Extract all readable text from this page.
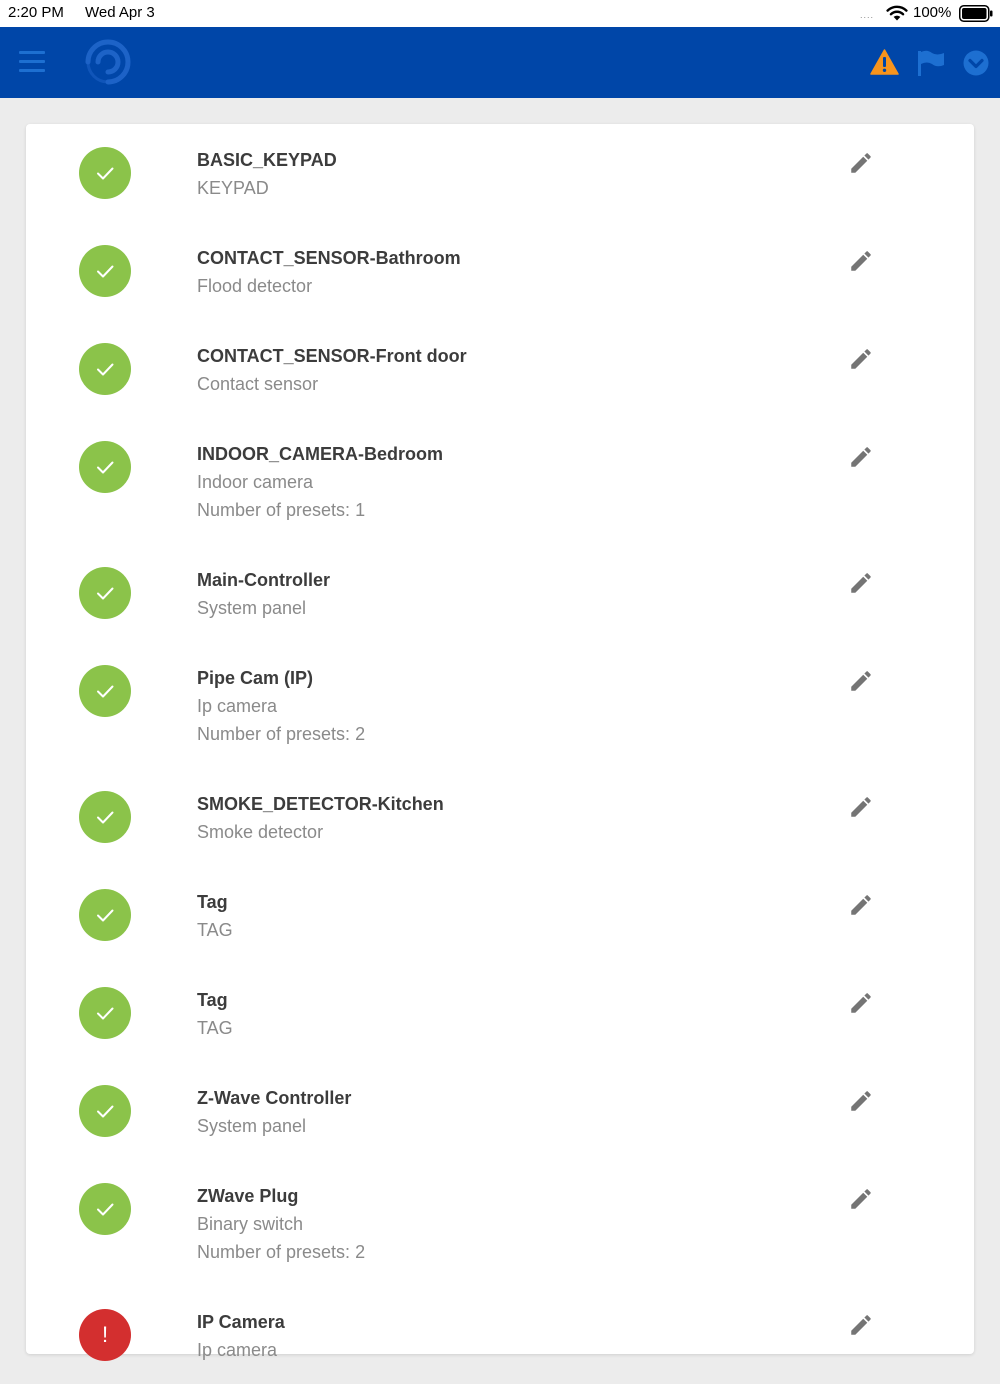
2:20 PM Wed Apr 3	....	100%
BASIC_KEYPAD
KEYPAD
CONTACT_SENSOR-Bathroom
Flood detector
CONTACT_SENSOR-Front door
Contact sensor
INDOOR_CAMERA-Bedroom
Indoor camera
Number of presets: 1
Main-Controller
System panel
Pipe Cam (IP)
Ip camera
Number of presets: 2
SMOKE_DETECTOR-Kitchen
Smoke detector
Tag
TAG
Tag
TAG
Z-Wave Controller
System panel
ZWave Plug
Binary switch
Number of presets: 2
!	IP Camera
Ip camera
